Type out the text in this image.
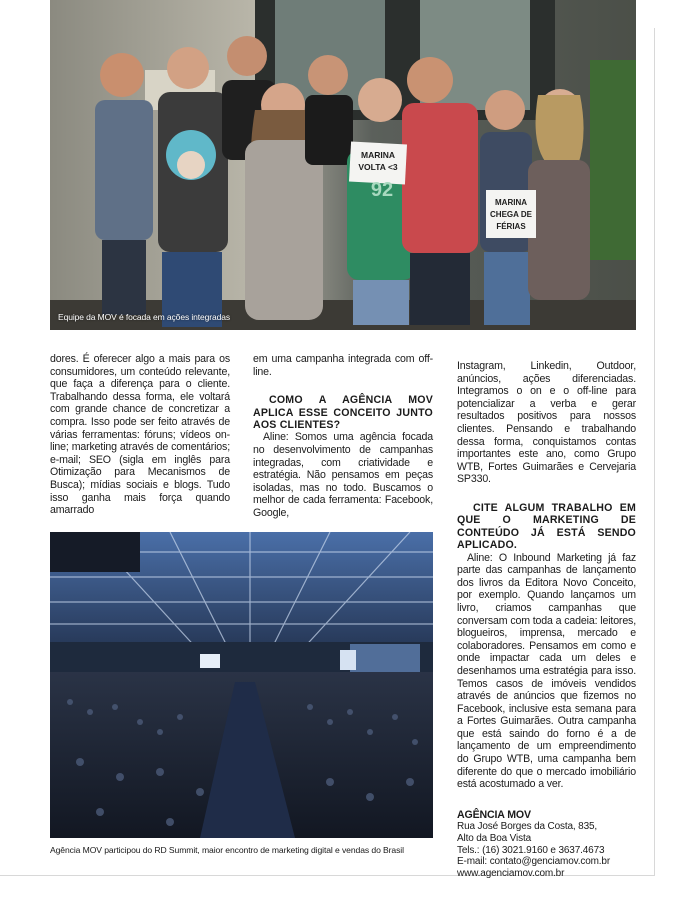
MARINA
VOLTA <3
92
MARINA
CHEGA DE
FÉRIAS
Equipe da MOV é focada em ações integradas

dores. É oferecer algo a mais para os consumidores, um conteúdo relevante, que faça a diferença para o cliente. Trabalhando dessa forma, ele voltará com grande chance de concretizar a compra. Isso pode ser feito através de várias ferramentas: fóruns; vídeos on-line; marketing através de comentários; e-mail; SEO (sigla em inglês para Otimização para Mecanismos de Busca); mídias sociais e blogs. Tudo isso ganha mais força quando amarrado

em uma campanha integrada com off-line.

COMO A AGÊNCIA MOV APLICA ESSE CONCEITO JUNTO AOS CLIENTES?

Aline: Somos uma agência focada no desenvolvimento de campanhas integradas, com criatividade e estratégia. Não pensamos em peças isoladas, mas no todo. Buscamos o melhor de cada ferramenta: Facebook, Google,

Instagram, Linkedin, Outdoor, anúncios, ações diferenciadas. Integramos o on e o off-line para potencializar a verba e gerar resultados positivos para nossos clientes. Pensando e trabalhando dessa forma, conquistamos contas importantes este ano, como Grupo WTB, Fortes Guimarães e Cervejaria SP330.

CITE ALGUM TRABALHO EM QUE O MARKETING DE CONTEÚDO JÁ ESTÁ SENDO APLICADO.

Aline: O Inbound Marketing já faz parte das campanhas de lançamento dos livros da Editora Novo Conceito, por exemplo. Quando lançamos um livro, criamos campanhas que conversam com toda a cadeia: leitores, blogueiros, imprensa, mercado e colaboradores. Pensamos em como e onde impactar cada um deles e desenhamos uma estratégia para isso. Temos casos de imóveis vendidos através de anúncios que fizemos no Facebook, inclusive esta semana para a Fortes Guimarães. Outra campanha que está saindo do forno é a de lançamento de um empreendimento do Grupo WTB, uma campanha bem diferente do que o mercado imobiliário está acostumado a ver.

AGÊNCIA MOV
Rua José Borges da Costa, 835,
Alto da Boa Vista
Tels.: (16) 3021.9160 e 3637.4673
E-mail: contato@genciamov.com.br
www.agenciamov.com.br
Agência MOV participou do RD Summit, maior encontro de marketing digital e vendas do Brasil
